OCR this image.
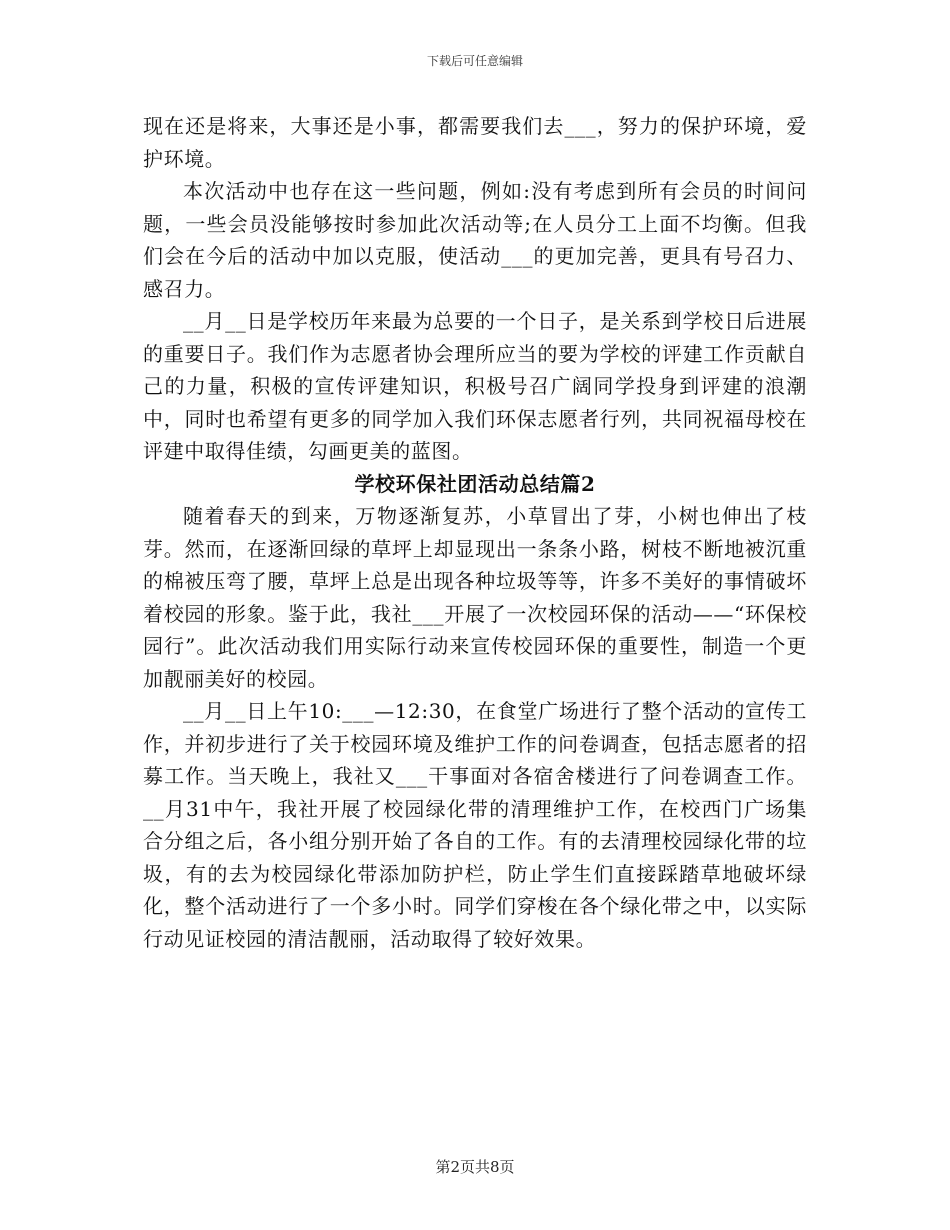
下载后可任意编辑

现在还是将来，大事还是小事，都需要我们去___，努力的保护环境，爱护环境。

本次活动中也存在这一些问题，例如:没有考虑到所有会员的时间问题，一些会员没能够按时参加此次活动等;在人员分工上面不均衡。但我们会在今后的活动中加以克服，使活动___的更加完善，更具有号召力、感召力。

__月__日是学校历年来最为总要的一个日子，是关系到学校日后进展的重要日子。我们作为志愿者协会理所应当的要为学校的评建工作贡献自己的力量，积极的宣传评建知识，积极号召广阔同学投身到评建的浪潮中，同时也希望有更多的同学加入我们环保志愿者行列，共同祝福母校在评建中取得佳绩，勾画更美的蓝图。

学校环保社团活动总结篇2

随着春天的到来，万物逐渐复苏，小草冒出了芽，小树也伸出了枝芽。然而，在逐渐回绿的草坪上却显现出一条条小路，树枝不断地被沉重的棉被压弯了腰，草坪上总是出现各种垃圾等等，许多不美好的事情破坏着校园的形象。鉴于此，我社___开展了一次校园环保的活动——“环保校园行”。此次活动我们用实际行动来宣传校园环保的重要性，制造一个更加靓丽美好的校园。

__月__日上午10:___—12:30，在食堂广场进行了整个活动的宣传工作，并初步进行了关于校园环境及维护工作的问卷调查，包括志愿者的招募工作。当天晚上，我社又___干事面对各宿舍楼进行了问卷调查工作。__月31中午，我社开展了校园绿化带的清理维护工作，在校西门广场集合分组之后，各小组分别开始了各自的工作。有的去清理校园绿化带的垃圾，有的去为校园绿化带添加防护栏，防止学生们直接踩踏草地破坏绿化，整个活动进行了一个多小时。同学们穿梭在各个绿化带之中，以实际行动见证校园的清洁靓丽，活动取得了较好效果。

第2页共8页
